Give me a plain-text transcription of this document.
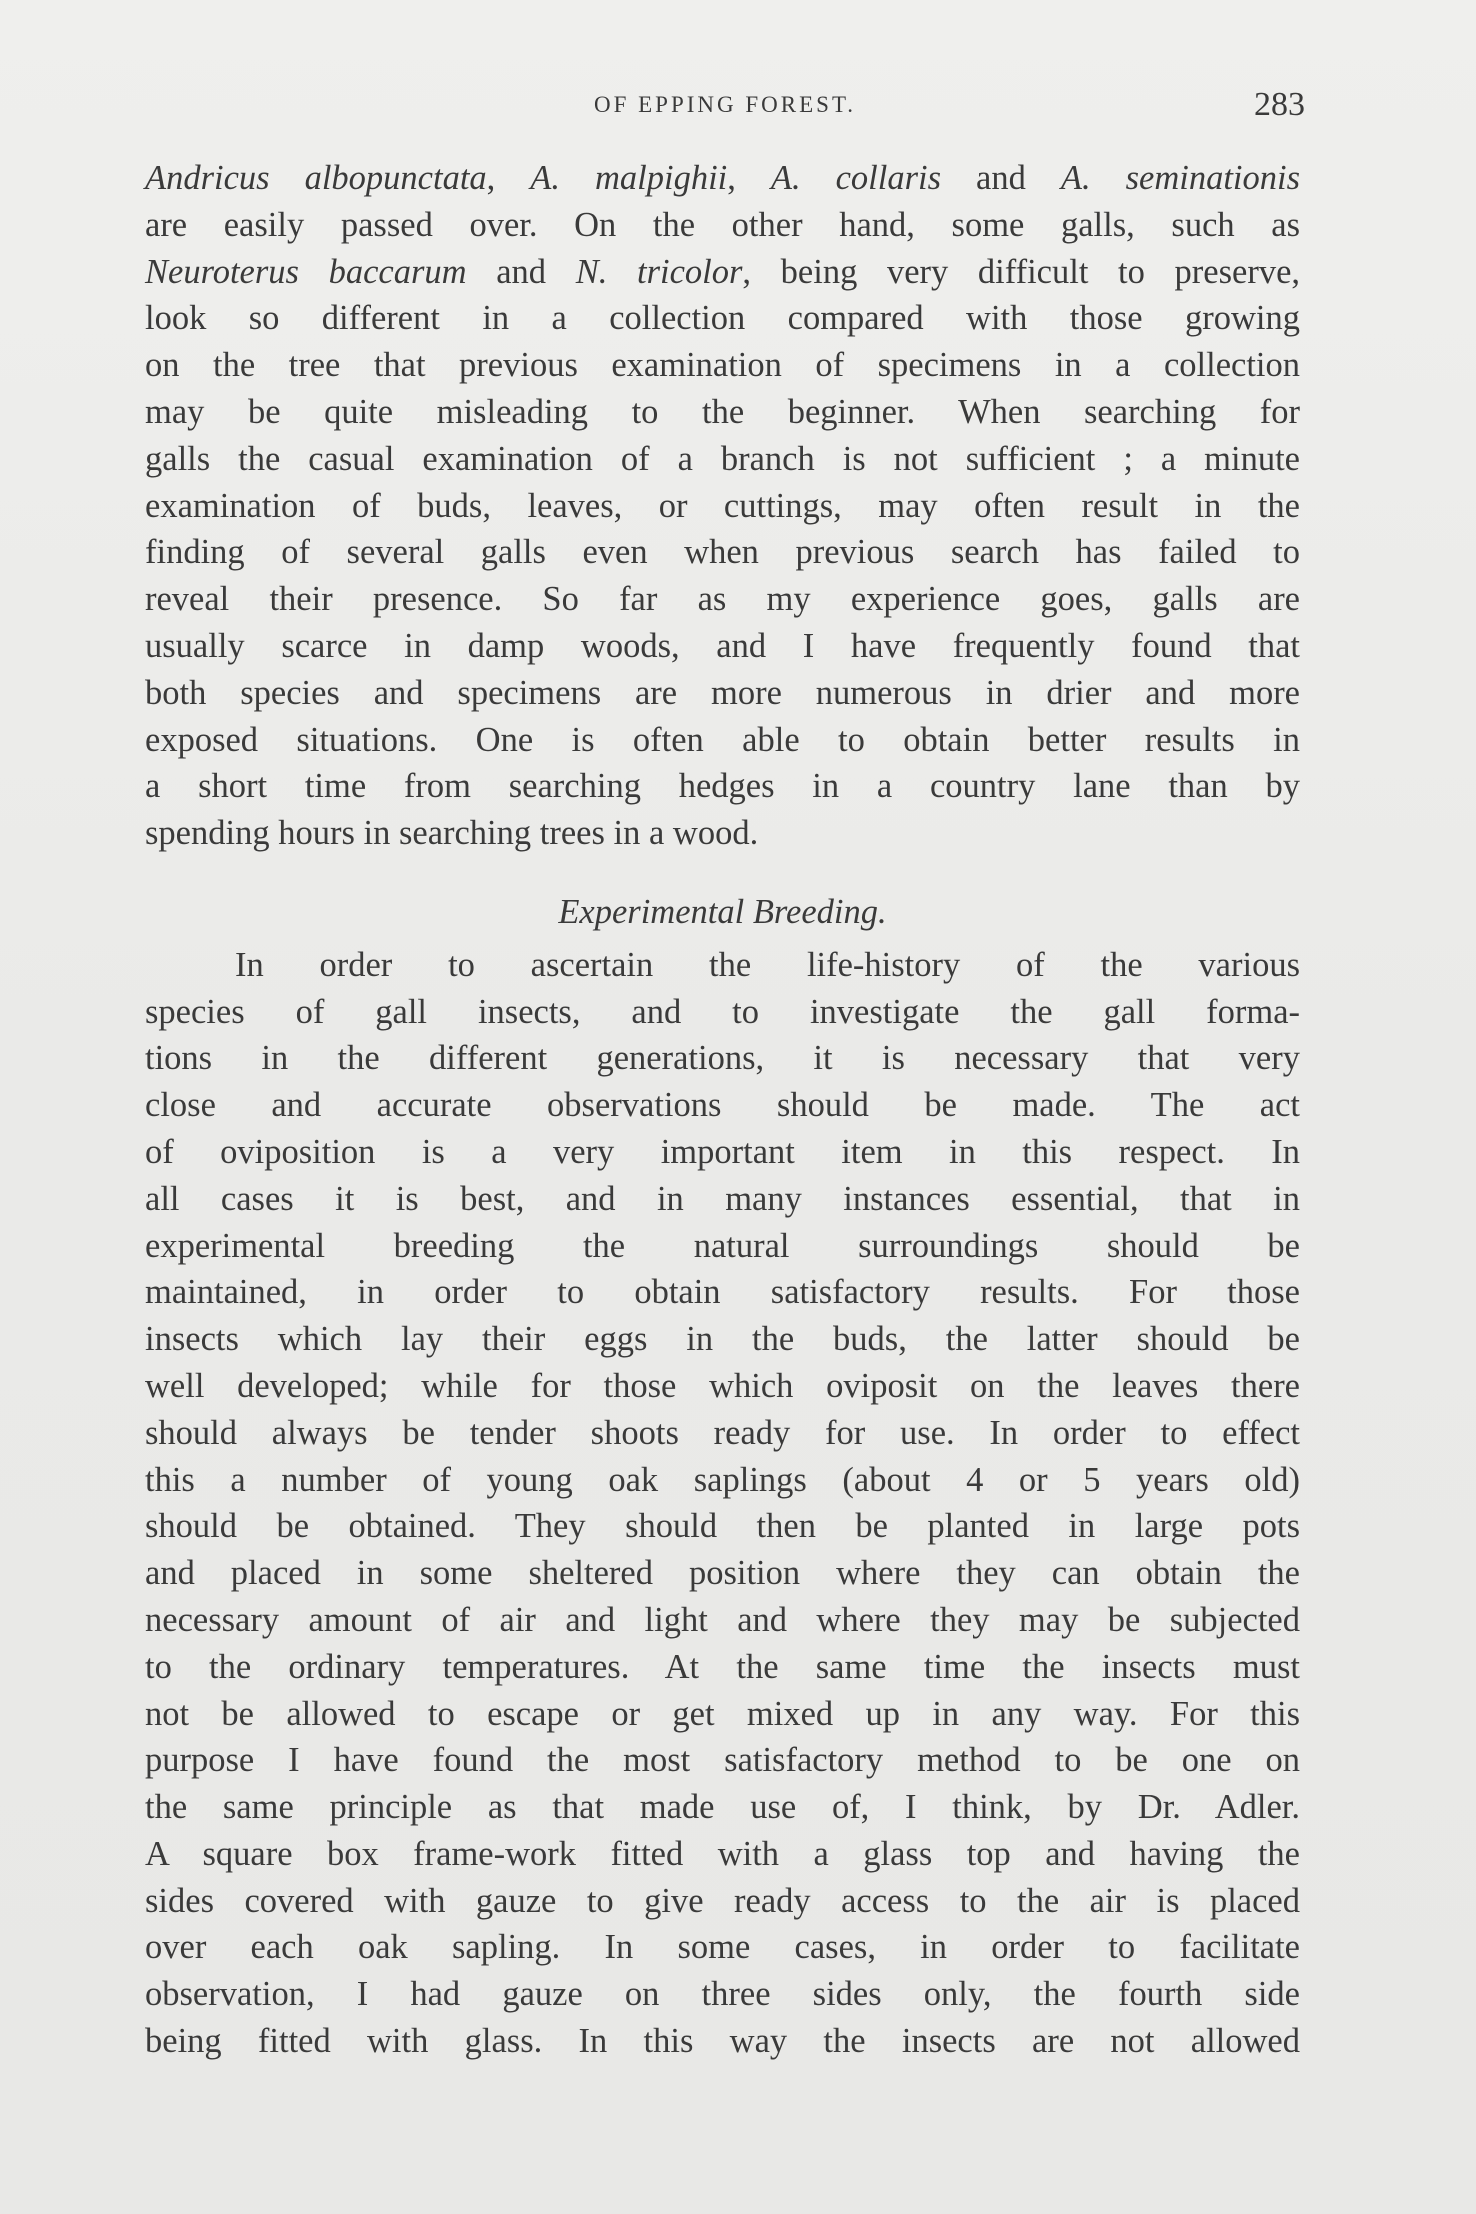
OF EPPING FOREST.	283
Andricus albopunctata, A. malpighii, A. collaris and A. seminationis
are easily passed over. On the other hand, some galls, such as
Neuroterus baccarum and N. tricolor, being very difficult to preserve,
look so different in a collection compared with those growing
on the tree that previous examination of specimens in a collection
may be quite misleading to the beginner. When searching for
galls the casual examination of a branch is not sufficient ; a minute
examination of buds, leaves, or cuttings, may often result in the
finding of several galls even when previous search has failed to
reveal their presence. So far as my experience goes, galls are
usually scarce in damp woods, and I have frequently found that
both species and specimens are more numerous in drier and more
exposed situations. One is often able to obtain better results in
a short time from searching hedges in a country lane than by
spending hours in searching trees in a wood.
Experimental Breeding.
In order to ascertain the life-history of the various
species of gall insects, and to investigate the gall forma-
tions in the different generations, it is necessary that very
close and accurate observations should be made. The act
of oviposition is a very important item in this respect. In
all cases it is best, and in many instances essential, that in
experimental breeding the natural surroundings should be
maintained, in order to obtain satisfactory results. For those
insects which lay their eggs in the buds, the latter should be
well developed; while for those which oviposit on the leaves there
should always be tender shoots ready for use. In order to effect
this a number of young oak saplings (about 4 or 5 years old)
should be obtained. They should then be planted in large pots
and placed in some sheltered position where they can obtain the
necessary amount of air and light and where they may be subjected
to the ordinary temperatures. At the same time the insects must
not be allowed to escape or get mixed up in any way. For this
purpose I have found the most satisfactory method to be one on
the same principle as that made use of, I think, by Dr. Adler.
A square box frame-work fitted with a glass top and having the
sides covered with gauze to give ready access to the air is placed
over each oak sapling. In some cases, in order to facilitate
observation, I had gauze on three sides only, the fourth side
being fitted with glass. In this way the insects are not allowed
